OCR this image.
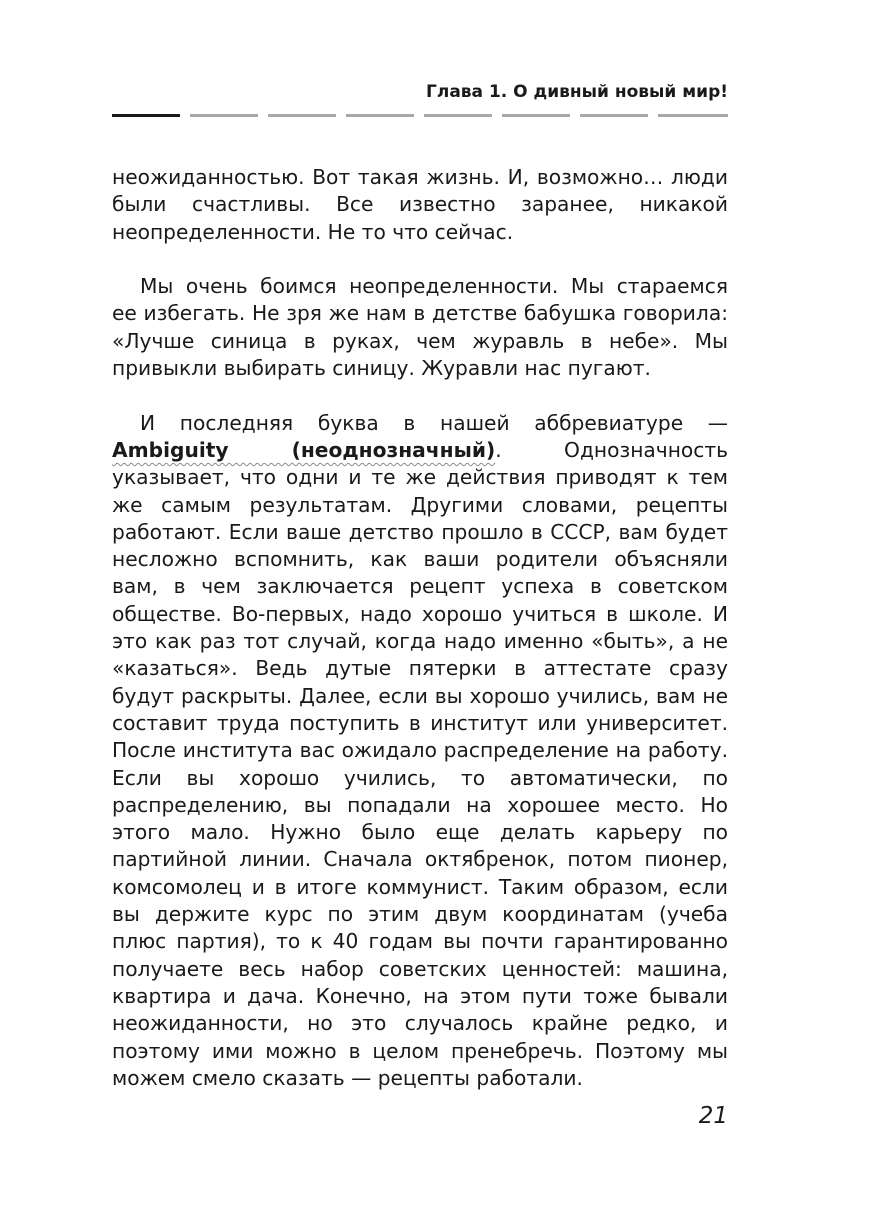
Глава 1. О дивный новый мир!

неожиданностью. Вот такая жизнь. И, возможно… люди были счастливы. Все известно заранее, никакой неопределенности. Не то что сейчас.

Мы очень боимся неопределенности. Мы стараемся ее избегать. Не зря же нам в детстве бабушка говорила: «Лучше синица в руках, чем журавль в небе». Мы привыкли выбирать синицу. Журавли нас пугают.

И последняя буква в нашей аббревиатуре — Ambiguity (неоднозначный). Однозначность указывает, что одни и те же действия приводят к тем же самым результатам. Другими словами, рецепты работают. Если ваше детство прошло в СССР, вам будет несложно вспомнить, как ваши родители объясняли вам, в чем заключается рецепт успеха в советском обществе. Во-первых, надо хорошо учиться в школе. И это как раз тот случай, когда надо именно «быть», а не «казаться». Ведь дутые пятерки в аттестате сразу будут раскрыты. Далее, если вы хорошо учились, вам не составит труда поступить в институт или университет. После института вас ожидало распределение на работу. Если вы хорошо учились, то автоматически, по распределению, вы попадали на хорошее место. Но этого мало. Нужно было еще делать карьеру по партийной линии. Сначала октябренок, потом пионер, комсомолец и в итоге коммунист. Таким образом, если вы держите курс по этим двум координатам (учеба плюс партия), то к 40 годам вы почти гарантированно получаете весь набор советских ценностей: машина, квартира и дача. Конечно, на этом пути тоже бывали неожиданности, но это случалось крайне редко, и поэтому ими можно в целом пренебречь. Поэтому мы можем смело сказать — рецепты работали.

21
